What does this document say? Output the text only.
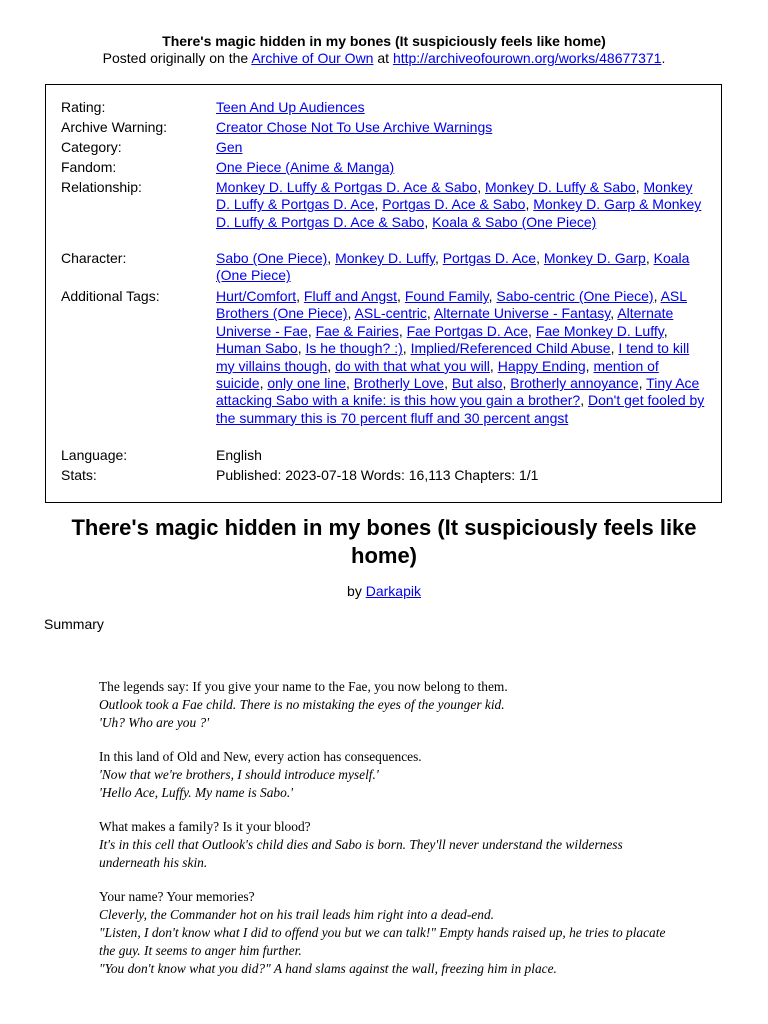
There's magic hidden in my bones (It suspiciously feels like home)
Posted originally on the Archive of Our Own at http://archiveofourown.org/works/48677371.
Rating:	Teen And Up Audiences
Archive Warning:	Creator Chose Not To Use Archive Warnings
Category:	Gen
Fandom:	One Piece (Anime & Manga)
Relationship:	Monkey D. Luffy & Portgas D. Ace & Sabo, Monkey D. Luffy & Sabo, Monkey D. Luffy & Portgas D. Ace, Portgas D. Ace & Sabo, Monkey D. Garp & Monkey D. Luffy & Portgas D. Ace & Sabo, Koala & Sabo (One Piece)
Character:	Sabo (One Piece), Monkey D. Luffy, Portgas D. Ace, Monkey D. Garp, Koala (One Piece)
Additional Tags:	Hurt/Comfort, Fluff and Angst, Found Family, Sabo-centric (One Piece), ASL Brothers (One Piece), ASL-centric, Alternate Universe - Fantasy, Alternate Universe - Fae, Fae & Fairies, Fae Portgas D. Ace, Fae Monkey D. Luffy, Human Sabo, Is he though? :), Implied/Referenced Child Abuse, I tend to kill my villains though, do with that what you will, Happy Ending, mention of suicide, only one line, Brotherly Love, But also, Brotherly annoyance, Tiny Ace attacking Sabo with a knife: is this how you gain a brother?, Don't get fooled by the summary this is 70 percent fluff and 30 percent angst
Language:	English
Stats:	Published: 2023-07-18 Words: 16,113 Chapters: 1/1
There's magic hidden in my bones (It suspiciously feels like home)
by Darkapik
Summary

The legends say: If you give your name to the Fae, you now belong to them.
Outlook took a Fae child. There is no mistaking the eyes of the younger kid.
'Uh? Who are you ?'

In this land of Old and New, every action has consequences.
'Now that we're brothers, I should introduce myself.'
'Hello Ace, Luffy. My name is Sabo.'

What makes a family? Is it your blood?
It's in this cell that Outlook's child dies and Sabo is born. They'll never understand the wilderness underneath his skin.

Your name? Your memories?
Cleverly, the Commander hot on his trail leads him right into a dead-end.
"Listen, I don't know what I did to offend you but we can talk!" Empty hands raised up, he tries to placate the guy. It seems to anger him further.
"You don't know what you did?" A hand slams against the wall, freezing him in place.
